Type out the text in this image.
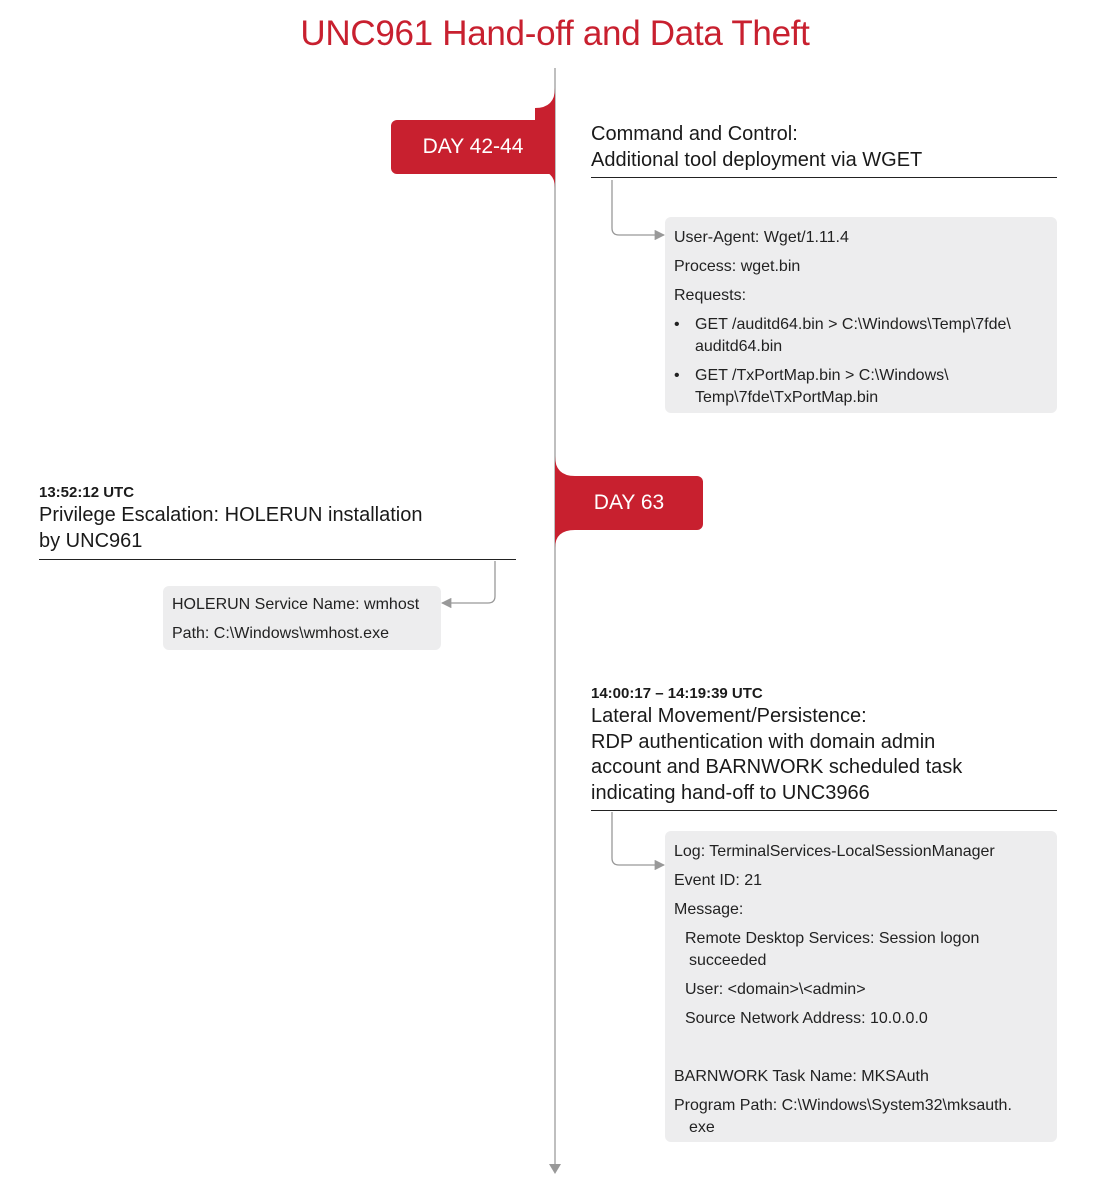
UNC961 Hand-off and Data Theft
DAY 42-44
Command and Control:
Additional tool deployment via WGET
User-Agent: Wget/1.11.4
Process: wget.bin
Requests:
• GET /auditd64.bin > C:\Windows\Temp\7fde\
auditd64.bin
• GET /TxPortMap.bin > C:\Windows\
Temp\7fde\TxPortMap.bin
DAY 63
13:52:12 UTC
Privilege Escalation: HOLERUN installation
by UNC961
HOLERUN Service Name: wmhost
Path: C:\Windows\wmhost.exe
14:00:17 – 14:19:39 UTC
Lateral Movement/Persistence:
RDP authentication with domain admin
account and BARNWORK scheduled task
indicating hand-off to UNC3966
Log: TerminalServices-LocalSessionManager
Event ID: 21
Message:
Remote Desktop Services: Session logon
succeeded
User: <domain>\<admin>
Source Network Address: 10.0.0.0
BARNWORK Task Name: MKSAuth
Program Path: C:\Windows\System32\mksauth.
exe
